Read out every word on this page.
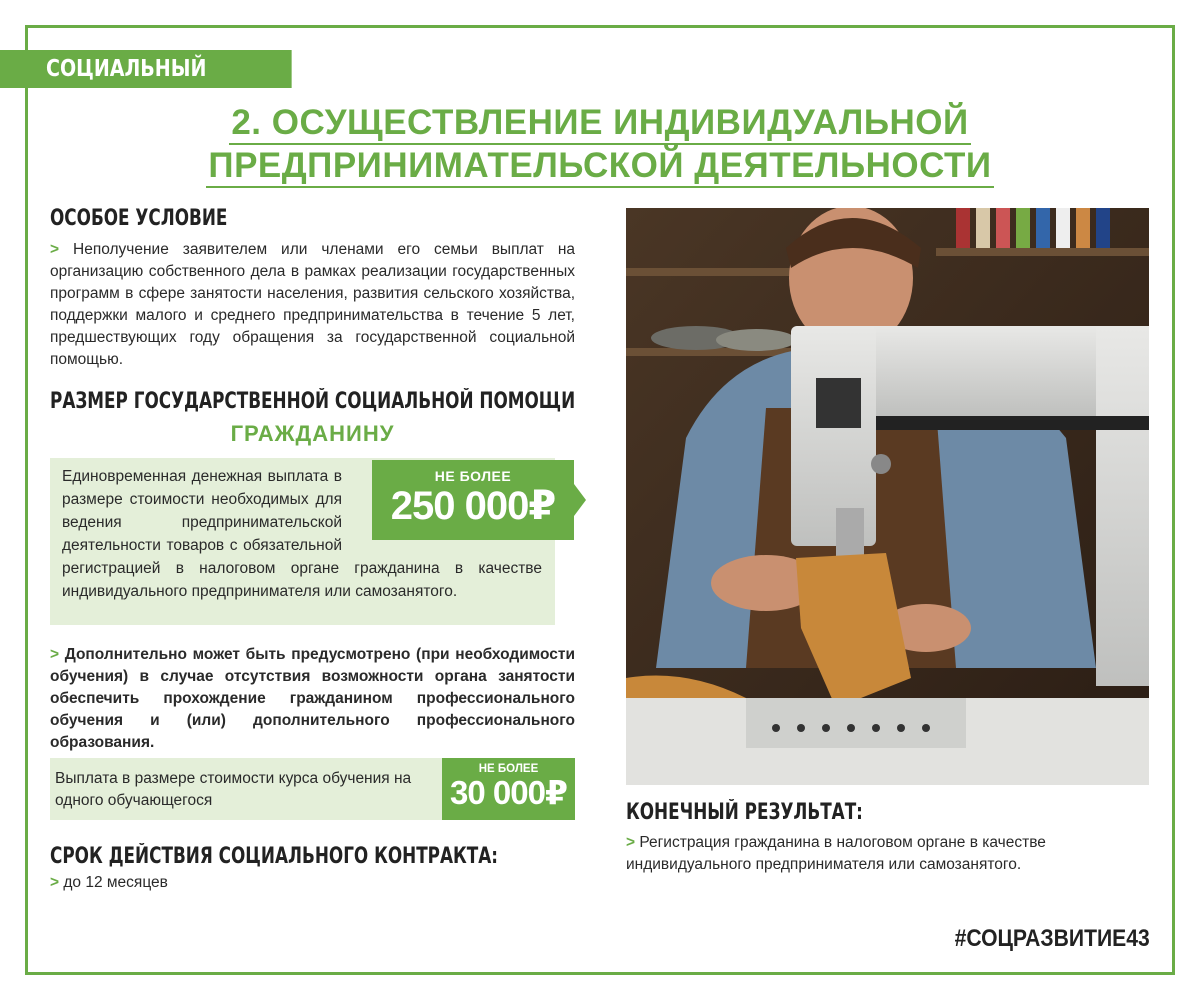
СОЦИАЛЬНЫЙ КОНТРАКТ	2. ОСУЩЕСТВЛЕНИЕ ИНДИВИДУАЛЬНОЙ
ПРЕДПРИНИМАТЕЛЬСКОЙ ДЕЯТЕЛЬНОСТИ
ОСОБОЕ УСЛОВИЕ
> Неполучение заявителем или членами его семьи выплат на организацию собственного дела в рамках реализации государственных программ в сфере занятости населения, развития сельского хозяйства, поддержки малого и среднего предпринимательства в течение 5 лет, предшествующих году обращения за государственной социальной помощью.
РАЗМЕР ГОСУДАРСТВЕННОЙ СОЦИАЛЬНОЙ ПОМОЩИ
ГРАЖДАНИНУ
Единовременная денежная выплата в размере стоимости необходимых для ведения предпринимательской деятельности товаров с обязательной регистрацией в налоговом органе гражданина в качестве индивидуального предпринимателя или самозанятого.
НЕ БОЛЕЕ
250 000₽
> Дополнительно может быть предусмотрено (при необходимости обучения) в случае отсутствия возможности органа занятости обеспечить прохождение гражданином профессионального обучения и (или) дополнительного профессионального образования.
Выплата в размере стоимости курса обучения на одного обучающегося
НЕ БОЛЕЕ
30 000₽
СРОК ДЕЙСТВИЯ СОЦИАЛЬНОГО КОНТРАКТА:
> до 12 месяцев
КОНЕЧНЫЙ РЕЗУЛЬТАТ:
> Регистрация гражданина в налоговом органе в качестве индивидуального предпринимателя или самозанятого.
#СОЦРАЗВИТИЕ43
